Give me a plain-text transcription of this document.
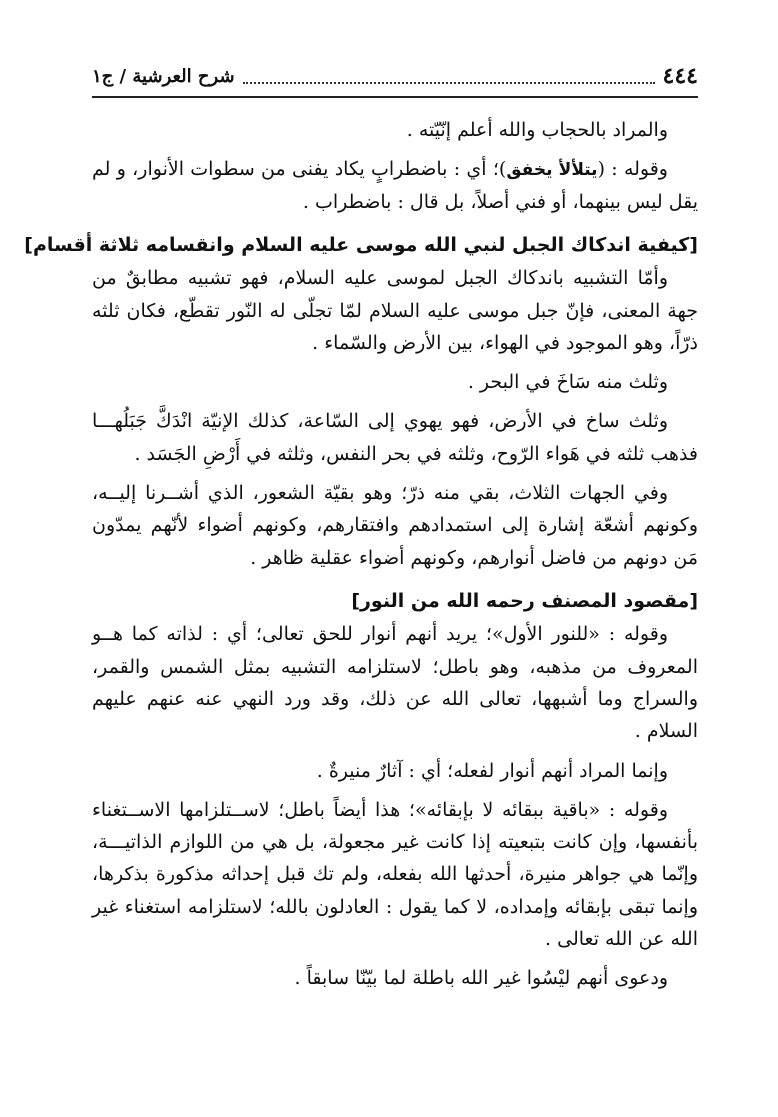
٤٤٤
شرح العرشية / ج١

والمراد بالحجاب والله أعلم إنّيّته .

وقوله : (يتلألأ يخفق)؛ أي : باضطرابٍ يكاد يفنى من سطوات الأنوار، و لم يقل ليس بينهما، أو فني أصلاً، بل قال : باضطراب .

[كيفية اندكاك الجبل لنبي الله موسى عليه السلام وانقسامه ثلاثة أقسام]

وأمّا التشبيه باندكاك الجبل لموسى عليه السلام، فهو تشبيه مطابقٌ من جهة المعنى، فإنّ جبل موسى عليه السلام لمّا تجلّى له النّور تقطّع، فكان ثلثه ذرّاً، وهو الموجود في الهواء، بين الأرض والسّماء .

وثلث منه سَاخَ في البحر .

وثلث ساخ في الأرض، فهو يهوي إلى السّاعة، كذلك الإنيّة انْدَكَّ جَبَلُهـــا فذهب ثلثه في هَواء الرّوح، وثلثه في بحر النفس، وثلثه في أَرْضِ الجَسَد .

وفي الجهات الثلاث، بقي منه ذرّ؛ وهو بقيّة الشعور، الذي أشــرنا إليــه، وكونهم أشعّة إشارة إلى استمدادهم وافتقارهم، وكونهم أضواء لأنّهم يمدّون مَن دونهم من فاضل أنوارهم، وكونهم أضواء عقلية ظاهر .

[مقصود المصنف رحمه الله من النور]

وقوله : «للنور الأول»؛ يريد أنهم أنوار للحق تعالى؛ أي : لذاته كما هــو المعروف من مذهبه، وهو باطل؛ لاستلزامه التشبيه بمثل الشمس والقمر، والسراج وما أشبهها، تعالى الله عن ذلك، وقد ورد النهي عنه عنهم عليهم السلام .

وإنما المراد أنهم أنوار لفعله؛ أي : آثارٌ منيرةٌ .

وقوله : «باقية ببقائه لا بإبقائه»؛ هذا أيضاً باطل؛ لاســتلزامها الاســتغناء بأنفسها، وإن كانت بتبعيته إذا كانت غير مجعولة، بل هي من اللوازم الذاتيـــة، وإنّما هي جواهر منيرة، أحدثها الله بفعله، ولم تك قبل إحداثه مذكورة بذكرها، وإنما تبقى بإبقائه وإمداده، لا كما يقول : العادلون بالله؛ لاستلزامه استغناء غير الله عن الله تعالى .

ودعوى أنهم ليْسُوا غير الله باطلة لما بيّنّا سابقاً .
